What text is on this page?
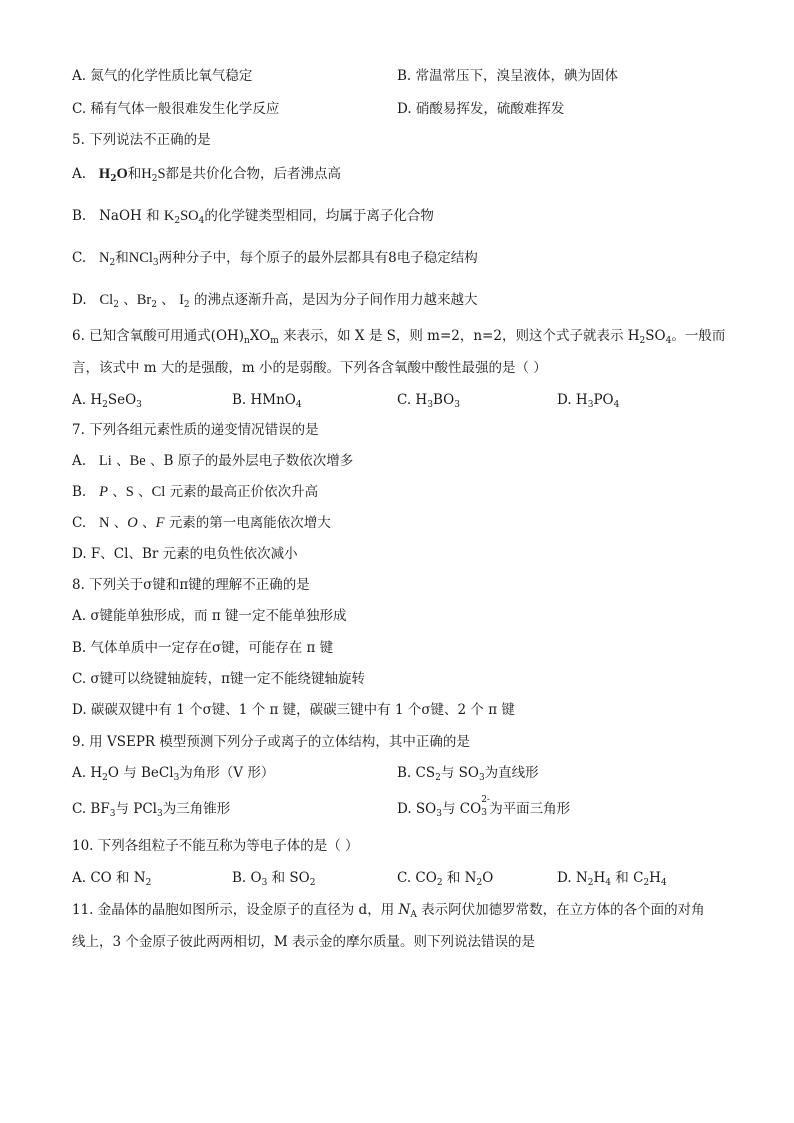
A. 氮气的化学性质比氧气稳定	B. 常温常压下，溴呈液体，碘为固体
C. 稀有气体一般很难发生化学反应	D. 硝酸易挥发，硫酸难挥发
5. 下列说法不正确的是
A. $H_2O$和$H_2S$都是共价化合物，后者沸点高
B. NaOH 和 $K_2SO_4$的化学键类型相同，均属于离子化合物
C. $N_2$和NCl$_3$两种分子中，每个原子的最外层都具有8电子稳定结构
D. $Cl_2$ 、$Br_2$ 、 $I_2$ 的沸点逐渐升高，是因为分子间作用力越来越大
6. 已知含氧酸可用通式$(OH)_nXO_m$ 来表示，如 X 是 S，则 m=2，n=2，则这个式子就表示 $H_2SO_4$。一般而
言，该式中 m 大的是强酸，m 小的是弱酸。下列各含氧酸中酸性最强的是（ ）
A. $H_2SeO_3$	B. HMnO$_4$	C. $H_3BO_3$	D. $H_3PO_4$
7. 下列各组元素性质的递变情况错误的是
A. Li 、Be 、B 原子的最外层电子数依次增多
B. P 、S 、Cl 元素的最高正价依次升高
C. N 、O 、F 元素的第一电离能依次增大
D. F、Cl、Br 元素的电负性依次减小
8. 下列关于σ键和π键的理解不正确的是
A. σ键能单独形成，而 π 键一定不能单独形成
B. 气体单质中一定存在σ键，可能存在 π 键
C. σ键可以绕键轴旋转，π键一定不能绕键轴旋转
D. 碳碳双键中有 1 个σ键、1 个 π 键，碳碳三键中有 1 个σ键、2 个 π 键
9. 用 VSEPR 模型预测下列分子或离子的立体结构，其中正确的是
A. $H_2O$ 与 BeCl$_3$为角形（V 形）	B. $CS_2$与 $SO_3$为直线形
C. $BF_3$与 PCl$_3$为三角锥形	D. $SO_3$与 CO
2-
3 为平面三角形
10. 下列各组粒子不能互称为等电子体的是（ ）
A. CO 和 $N_2$	B. $O_3$ 和 $SO_2$	C. $CO_2$ 和 $N_2O$	D. $N_2H_4$ 和 $C_2H_4$
11. 金晶体的晶胞如图所示，设金原子的直径为 d，用 $N_A$ 表示阿伏加德罗常数，在立方体的各个面的对角
线上，3 个金原子彼此两两相切，M 表示金的摩尔质量。则下列说法错误的是
